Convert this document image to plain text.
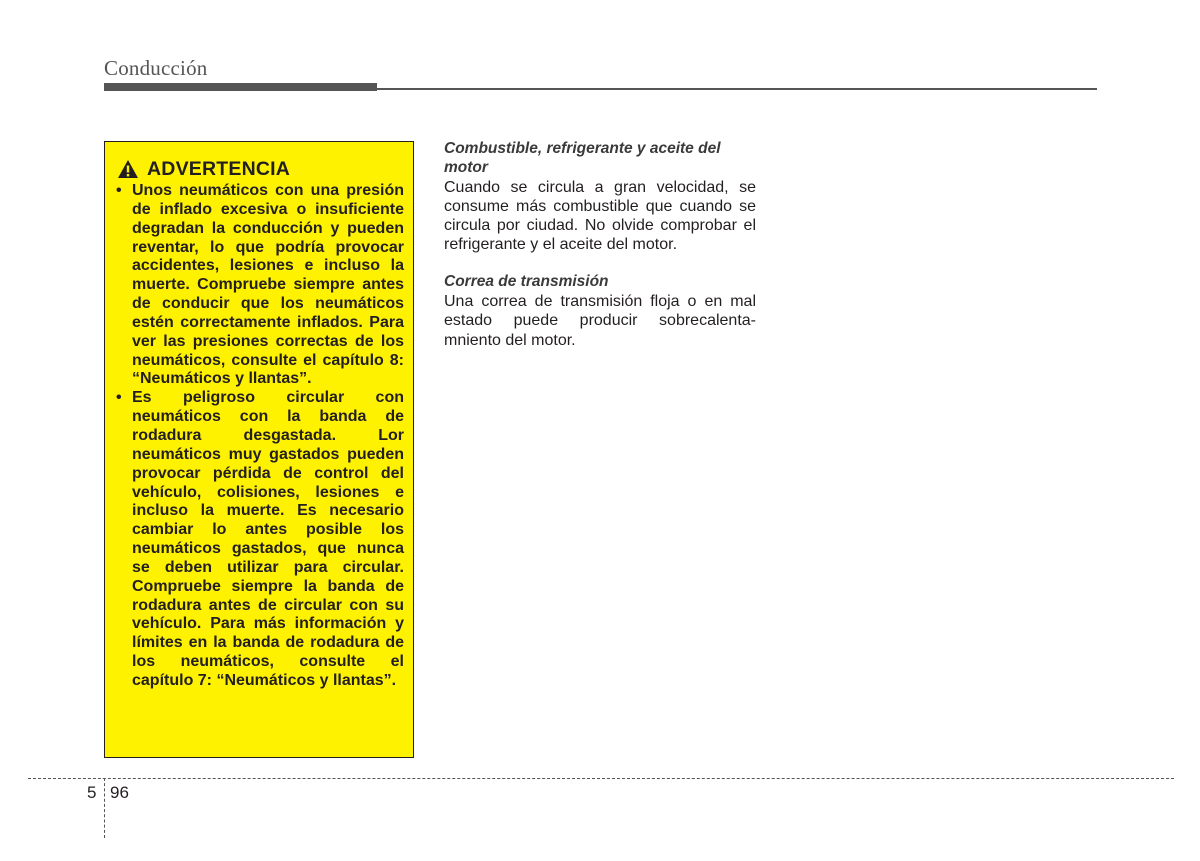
Conducción
ADVERTENCIA
• Unos neumáticos con una presión de inflado excesiva o insuficiente degradan la conducción y pueden reventar, lo que podría provocar accidentes, lesiones e incluso la muerte. Compruebe siempre antes de conducir que los neumáticos estén correctamente inflados. Para ver las presiones correctas de los neumáticos, consulte el capítulo 8: “Neumáticos y llantas”.
• Es peligroso circular con neumáticos con la banda de rodadura desgastada. Lor neumáticos muy gastados pueden provocar pérdida de control del vehículo, colisiones, lesiones e incluso la muerte. Es necesario cambiar lo antes posible los neumáticos gastados, que nunca se deben utilizar para circular. Compruebe siempre la banda de rodadura antes de circular con su vehículo. Para más información y límites en la banda de rodadura de los neumáticos, consulte el capítulo 7: “Neumáticos y llantas”.

Combustible, refrigerante y aceite del motor

Cuando se circula a gran velocidad, se consume más combustible que cuando se circula por ciudad. No olvide comprobar el refrigerante y el aceite del motor.

Correa de transmisión

Una correa de transmisión floja o en mal estado puede producir sobrecalentamniento del motor.

5 96
